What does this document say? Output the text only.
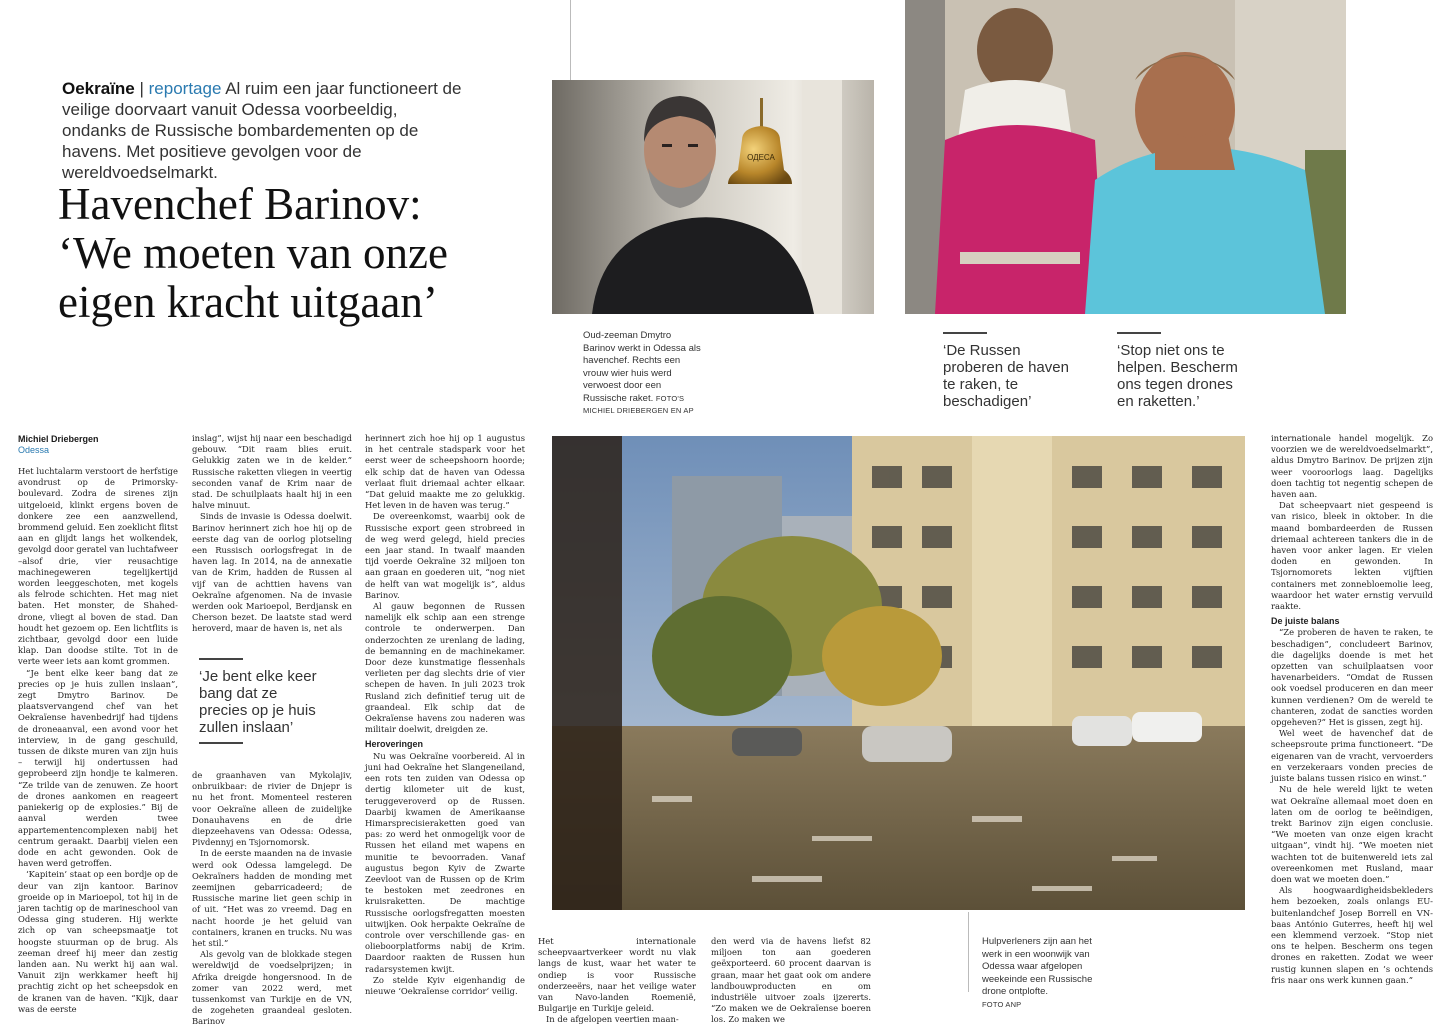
Oekraïne | reportage Al ruim een jaar functioneert de veilige doorvaart vanuit Odessa voorbeeldig, ondanks de Russische bombardementen op de havens. Met positieve gevolgen voor de wereldvoedselmarkt.
Havenchef Barinov:
‘We moeten van onze
eigen kracht uitgaan’
ОДЕСА
Oud-zeeman Dmytro Barinov werkt in Odessa als havenchef. Rechts een vrouw wier huis werd verwoest door een Russische raket. FOTO'S MICHIEL DRIEBERGEN EN AP
‘De Russen proberen de haven te raken, te beschadigen’
‘Stop niet ons te helpen. Bescherm ons tegen drones en raketten.’
‘Je bent elke keer bang dat ze precies op je huis zullen inslaan’
Hulpverleners zijn aan het werk in een woonwijk van Odessa waar afgelopen weekeinde een Russische drone ontplofte.
FOTO ANP
Michiel Driebergen
Odessa

Het luchtalarm verstoort de herfstige avondrust op de Primorsky-boulevard. Zodra de sirenes zijn uitgeloeid, klinkt ergens boven de donkere zee een aanzwellend, brommend geluid. Een zoeklicht flitst aan en glijdt langs het wolkendek, gevolgd door geratel van luchtafweer –alsof drie, vier reusachtige machinegeweren tegelijkertijd worden leeggeschoten, met kogels als felrode schichten. Het mag niet baten. Het monster, de Shahed-drone, vliegt al boven de stad. Dan houdt het gezoem op. Een lichtflits is zichtbaar, gevolgd door een luide klap. Dan doodse stilte. Tot in de verte weer iets aan komt grommen.

“Je bent elke keer bang dat ze precies op je huis zullen inslaan”, zegt Dmytro Barinov. De plaatsvervangend chef van het Oekraïense havenbedrijf had tijdens de droneaanval, een avond voor het interview, in de gang geschuild, tussen de dikste muren van zijn huis – terwijl hij ondertussen had geprobeerd zijn hondje te kalmeren. “Ze trilde van de zenuwen. Ze hoort de drones aankomen en reageert paniekerig op de explosies.” Bij de aanval werden twee appartementencomplexen nabij het centrum geraakt. Daarbij vielen een dode en acht gewonden. Ook de haven werd getroffen.

‘Kapitein’ staat op een bordje op de deur van zijn kantoor. Barinov groeide op in Marioepol, tot hij in de jaren tachtig op de marineschool van Odessa ging studeren. Hij werkte zich op van scheepsmaatje tot hoogste stuurman op de brug. Als zeeman dreef hij meer dan zestig landen aan. Nu werkt hij aan wal. Vanuit zijn werkkamer heeft hij prachtig zicht op het scheepsdok en de kranen van de haven. “Kijk, daar was de eerste

inslag”, wijst hij naar een beschadigd gebouw. “Dit raam blies eruit. Gelukkig zaten we in de kelder.” Russische raketten vliegen in veertig seconden vanaf de Krim naar de stad. De schuilplaats haalt hij in een halve minuut.

Sinds de invasie is Odessa doelwit. Barinov herinnert zich hoe hij op de eerste dag van de oorlog plotseling een Russisch oorlogsfregat in de haven lag. In 2014, na de annexatie van de Krim, hadden de Russen al vijf van de achttien havens van Oekraïne afgenomen. Na de invasie werden ook Marioepol, Berdjansk en Cherson bezet. De laatste stad werd heroverd, maar de haven is, net als

de graanhaven van Mykolajiv, onbruikbaar: de rivier de Dnjepr is nu het front. Momenteel resteren voor Oekraïne alleen de zuidelijke Donauhavens en de drie diepzeehavens van Odessa: Odessa, Pivdennyj en Tsjornomorsk.

In de eerste maanden na de invasie werd ook Odessa lamgelegd. De Oekraïners hadden de monding met zeemijnen gebarricadeerd; de Russische marine liet geen schip in of uit. “Het was zo vreemd. Dag en nacht hoorde je het geluid van containers, kranen en trucks. Nu was het stil.”

Als gevolg van de blokkade stegen wereldwijd de voedselprijzen; in Afrika dreigde hongersnood. In de zomer van 2022 werd, met tussenkomst van Turkije en de VN, de zogeheten graandeal gesloten. Barinov

herinnert zich hoe hij op 1 augustus in het centrale stadspark voor het eerst weer de scheepshoorn hoorde; elk schip dat de haven van Odessa verlaat fluit driemaal achter elkaar. “Dat geluid maakte me zo gelukkig. Het leven in de haven was terug.”

De overeenkomst, waarbij ook de Russische export geen strobreed in de weg werd gelegd, hield precies een jaar stand. In twaalf maanden tijd voerde Oekraïne 32 miljoen ton aan graan en goederen uit, “nog niet de helft van wat mogelijk is”, aldus Barinov.

Al gauw begonnen de Russen namelijk elk schip aan een strenge controle te onderwerpen. Dan onderzochten ze urenlang de lading, de bemanning en de machinekamer. Door deze kunstmatige flessenhals verlieten per dag slechts drie of vier schepen de haven. In juli 2023 trok Rusland zich definitief terug uit de graandeal. Elk schip dat de Oekraïense havens zou naderen was militair doelwit, dreigden ze.

Heroveringen

Nu was Oekraïne voorbereid. Al in juni had Oekraïne het Slangeneiland, een rots ten zuiden van Odessa op dertig kilometer uit de kust, teruggeveroverd op de Russen. Daarbij kwamen de Amerikaanse Himarsprecisieraketten goed van pas: zo werd het onmogelijk voor de Russen het eiland met wapens en munitie te bevoorraden. Vanaf augustus begon Kyiv de Zwarte Zeevloot van de Russen op de Krim te bestoken met zeedrones en kruisraketten. De machtige Russische oorlogsfregatten moesten uitwijken. Ook herpakte Oekraïne de controle over verschillende gas- en olieboorplatforms nabij de Krim. Daardoor raakten de Russen hun radarsystemen kwijt.

Zo stelde Kyiv eigenhandig de nieuwe ‘Oekraïense corridor’ veilig.

Het internationale scheepvaartverkeer wordt nu vlak langs de kust, waar het water te ondiep is voor Russische onderzeeërs, naar het veilige water van Navo-landen Roemenië, Bulgarije en Turkije geleid.

In de afgelopen veertien maan-

den werd via de havens liefst 82 miljoen ton aan goederen geëxporteerd. 60 procent daarvan is graan, maar het gaat ook om andere landbouwproducten en om industriële uitvoer zoals ijzererts. “Zo maken we de Oekraïense boeren los. Zo maken we

internationale handel mogelijk. Zo voorzien we de wereldvoedselmarkt”, aldus Dmytro Barinov. De prijzen zijn weer vooroorlogs laag. Dagelijks doen tachtig tot negentig schepen de haven aan.

Dat scheepvaart niet gespeend is van risico, bleek in oktober. In die maand bombardeerden de Russen driemaal achtereen tankers die in de haven voor anker lagen. Er vielen doden en gewonden. In Tsjornomorets lekten vijftien containers met zonnebloemolie leeg, waardoor het water ernstig vervuild raakte.

De juiste balans

“Ze proberen de haven te raken, te beschadigen”, concludeert Barinov, die dagelijks doende is met het opzetten van schuilplaatsen voor havenarbeiders. “Omdat de Russen ook voedsel produceren en dan meer kunnen verdienen? Om de wereld te chanteren, zodat de sancties worden opgeheven?” Het is gissen, zegt hij.

Wel weet de havenchef dat de scheepsroute prima functioneert. “De eigenaren van de vracht, vervoerders en verzekeraars vonden precies de juiste balans tussen risico en winst.”

Nu de hele wereld lijkt te weten wat Oekraïne allemaal moet doen en laten om de oorlog te beëindigen, trekt Barinov zijn eigen conclusie. “We moeten van onze eigen kracht uitgaan”, vindt hij. “We moeten niet wachten tot de buitenwereld iets zal overeenkomen met Rusland, maar doen wat we moeten doen.”

Als hoogwaardigheidsbekleders hem bezoeken, zoals onlangs EU-buitenlandchef Josep Borrell en VN-baas António Guterres, heeft hij wel een klemmend verzoek. “Stop niet ons te helpen. Bescherm ons tegen drones en raketten. Zodat we weer rustig kunnen slapen en ’s ochtends fris naar ons werk kunnen gaan.”
